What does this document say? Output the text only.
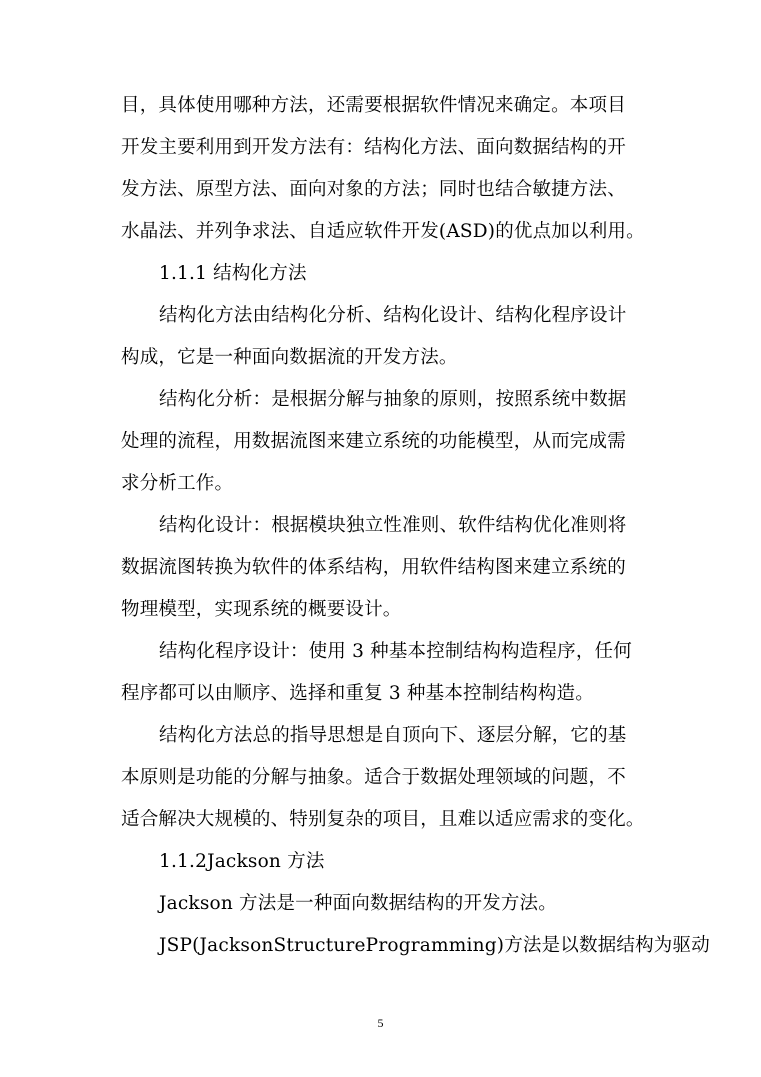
目，具体使用哪种方法，还需要根据软件情况来确定。本项目
开发主要利用到开发方法有：结构化方法、面向数据结构的开
发方法、原型方法、面向对象的方法；同时也结合敏捷方法、
水晶法、并列争求法、自适应软件开发(ASD)的优点加以利用。
1.1.1 结构化方法
结构化方法由结构化分析、结构化设计、结构化程序设计
构成，它是一种面向数据流的开发方法。
结构化分析：是根据分解与抽象的原则，按照系统中数据
处理的流程，用数据流图来建立系统的功能模型，从而完成需
求分析工作。
结构化设计：根据模块独立性准则、软件结构优化准则将
数据流图转换为软件的体系结构，用软件结构图来建立系统的
物理模型，实现系统的概要设计。
结构化程序设计：使用 3 种基本控制结构构造程序，任何
程序都可以由顺序、选择和重复 3 种基本控制结构构造。
结构化方法总的指导思想是自顶向下、逐层分解，它的基
本原则是功能的分解与抽象。适合于数据处理领域的问题，不
适合解决大规模的、特别复杂的项目，且难以适应需求的变化。
1.1.2Jackson 方法
Jackson 方法是一种面向数据结构的开发方法。
JSP(JacksonStructureProgramming)方法是以数据结构为驱动
5
